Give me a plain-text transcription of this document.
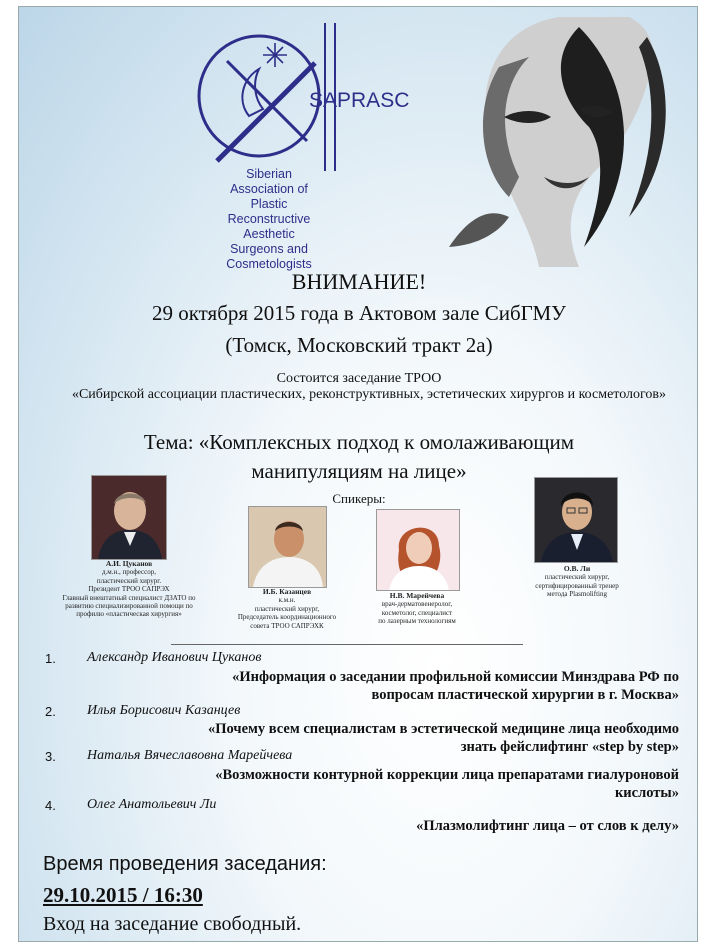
SAPRASC
Siberian
Association of
Plastic
Reconstructive
Aesthetic
Surgeons and
Cosmetologists
ВНИМАНИЕ!
29 октября 2015 года в Актовом зале СибГМУ
(Томск, Московский тракт 2а)
Состоится заседание ТРОО
«Сибирской ассоциации пластических, реконструктивных, эстетических хирургов и косметологов»
Тема: «Комплексных подход к омолаживающим
манипуляциям на лице»
Спикеры:
А.И. Цуканов
д.м.н., профессор,
пластический хирург.
Президент ТРОО САПРЭХ
Главный внештатный специалист ДЗАТО по
развитию специализированной помощи по
профилю «пластическая хирургия»
И.Б. Казанцев
к.м.н.
пластический хирург,
Председатель координационного
совета ТРОО САПРЭХК
Н.В. Марейчева
врач-дерматовенеролог,
косметолог, специалист
по лазерным технологиям
О.В. Ли
пластический хирург,
сертифицированный тренер
метода Plasmolifting
1. Александр Иванович Цуканов
«Информация о заседании профильной комиссии Минздрава РФ по
вопросам пластической хирургии в г. Москва»
2. Илья Борисович Казанцев
«Почему всем специалистам в эстетической медицине лица необходимо
знать фейслифтинг «step by step»
3. Наталья Вячеславовна Марейчева
«Возможности контурной коррекции лица препаратами гиалуроновой
кислоты»
4. Олег Анатольевич Ли
«Плазмолифтинг лица – от слов к делу»
Время проведения заседания:
29.10.2015 / 16:30
Вход на заседание свободный.
